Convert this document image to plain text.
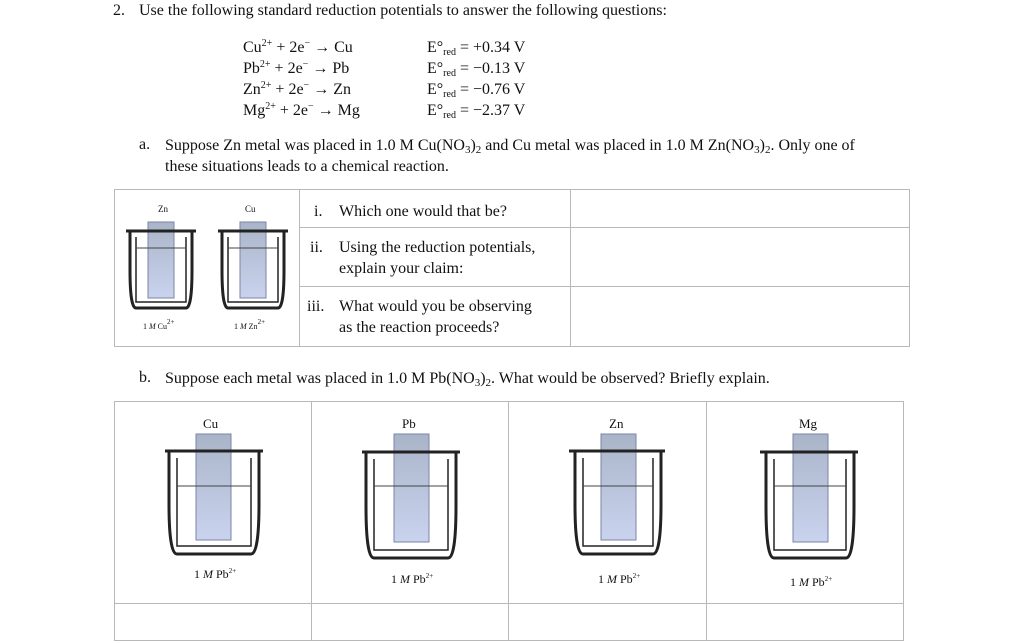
2. Use the following standard reduction potentials to answer the following questions:
$Cu^{2+} + 2e^- \to Cu$	$E^\circ_{red} = +0.34$ V
$Pb^{2+} + 2e^- \to Pb$	$E^\circ_{red} = -0.13$ V
$Zn^{2+} + 2e^- \to Zn$	$E^\circ_{red} = -0.76$ V
$Mg^{2+} + 2e^- \to Mg$	$E^\circ_{red} = -2.37$ V
a. Suppose Zn metal was placed in 1.0 M $Cu(NO_3)_2$ and Cu metal was placed in 1.0 M $Zn(NO_3)_2$. Only one of
these situations leads to a chemical reaction.
i. Which one would that be?
ii. Using the reduction potentials,
explain your claim:
iii. What would you be observing
as the reaction proceeds?
Zn
1 M $Cu^{2+}$
Cu
1 M $Zn^{2+}$
b. Suppose each metal was placed in 1.0 M $Pb(NO_3)_2$. What would be observed? Briefly explain.
Cu
1 M $Pb^{2+}$
Pb
1 M $Pb^{2+}$
Zn
1 M $Pb^{2+}$
Mg
1 M $Pb^{2+}$
